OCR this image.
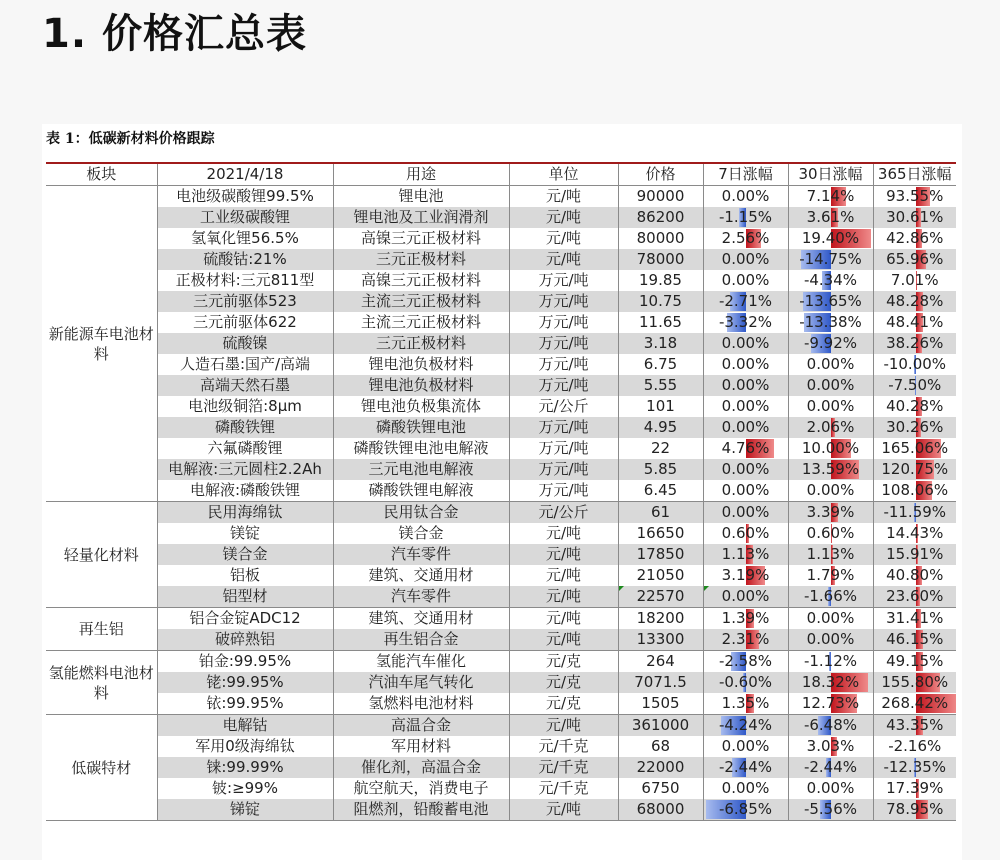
1. 价格汇总表
表 1：低碳新材料价格跟踪
板块	2021/4/18	用途	单位	价格	7日涨幅	30日涨幅	365日涨幅
新能源车电池材料	电池级碳酸锂99.5%	锂电池	元/吨	90000	0.00%	7.14%	93.55%
	工业级碳酸锂	锂电池及工业润滑剂	元/吨	86200	-1.15%	3.61%	30.61%
	氢氧化锂56.5%	高镍三元正极材料	元/吨	80000	2.56%	19.40%	42.86%
	硫酸钴:21%	三元正极材料	元/吨	78000	0.00%	-14.75%	65.96%
	正极材料:三元811型	高镍三元正极材料	万元/吨	19.85	0.00%	-4.34%	7.01%
	三元前驱体523	主流三元正极材料	万元/吨	10.75	-2.71%	-13.65%	48.28%
	三元前驱体622	主流三元正极材料	万元/吨	11.65	-3.32%	-13.38%	48.41%
	硫酸镍	三元正极材料	万元/吨	3.18	0.00%	-9.92%	38.26%
	人造石墨:国产/高端	锂电池负极材料	万元/吨	6.75	0.00%	0.00%	-10.00%
	高端天然石墨	锂电池负极材料	万元/吨	5.55	0.00%	0.00%	-7.50%
	电池级铜箔:8μm	锂电池负极集流体	元/公斤	101	0.00%	0.00%	40.28%
	磷酸铁锂	磷酸铁锂电池	万元/吨	4.95	0.00%	2.06%	30.26%
	六氟磷酸锂	磷酸铁锂电池电解液	万元/吨	22	4.76%	10.00%	165.06%
	电解液:三元圆柱2.2Ah	三元电池电解液	万元/吨	5.85	0.00%	13.59%	120.75%
	电解液:磷酸铁锂	磷酸铁锂电解液	万元/吨	6.45	0.00%	0.00%	108.06%
轻量化材料	民用海绵钛	民用钛合金	元/公斤	61	0.00%	3.39%	-11.59%
	镁锭	镁合金	元/吨	16650	0.60%	0.60%	14.43%
	镁合金	汽车零件	元/吨	17850	1.13%	1.13%	15.91%
	铝板	建筑、交通用材	元/吨	21050	3.19%	1.79%	40.80%
	铝型材	汽车零件	元/吨	22570	0.00%	-1.66%	23.60%
再生铝	铝合金锭ADC12	建筑、交通用材	元/吨	18200	1.39%	0.00%	31.41%
	破碎熟铝	再生铝合金	元/吨	13300	2.31%	0.00%	46.15%
氢能燃料电池材料	铂金:99.95%	氢能汽车催化	元/克	264	-2.58%	-1.12%	49.15%
	铑:99.95%	汽油车尾气转化	元/克	7071.5	-0.60%	18.32%	155.80%
	铱:99.95%	氢燃料电池材料	元/克	1505	1.35%	12.73%	268.42%
低碳特材	电解钴	高温合金	元/吨	361000	-4.24%	-6.48%	43.35%
	军用0级海绵钛	军用材料	元/千克	68	0.00%	3.03%	-2.16%
	铼:99.99%	催化剂，高温合金	元/千克	22000	-2.44%	-2.44%	-12.35%
	铍:≥99%	航空航天，消费电子	元/千克	6750	0.00%	0.00%	17.39%
	锑锭	阻燃剂，铅酸蓄电池	元/吨	68000	-6.85%	-5.56%	78.95%
